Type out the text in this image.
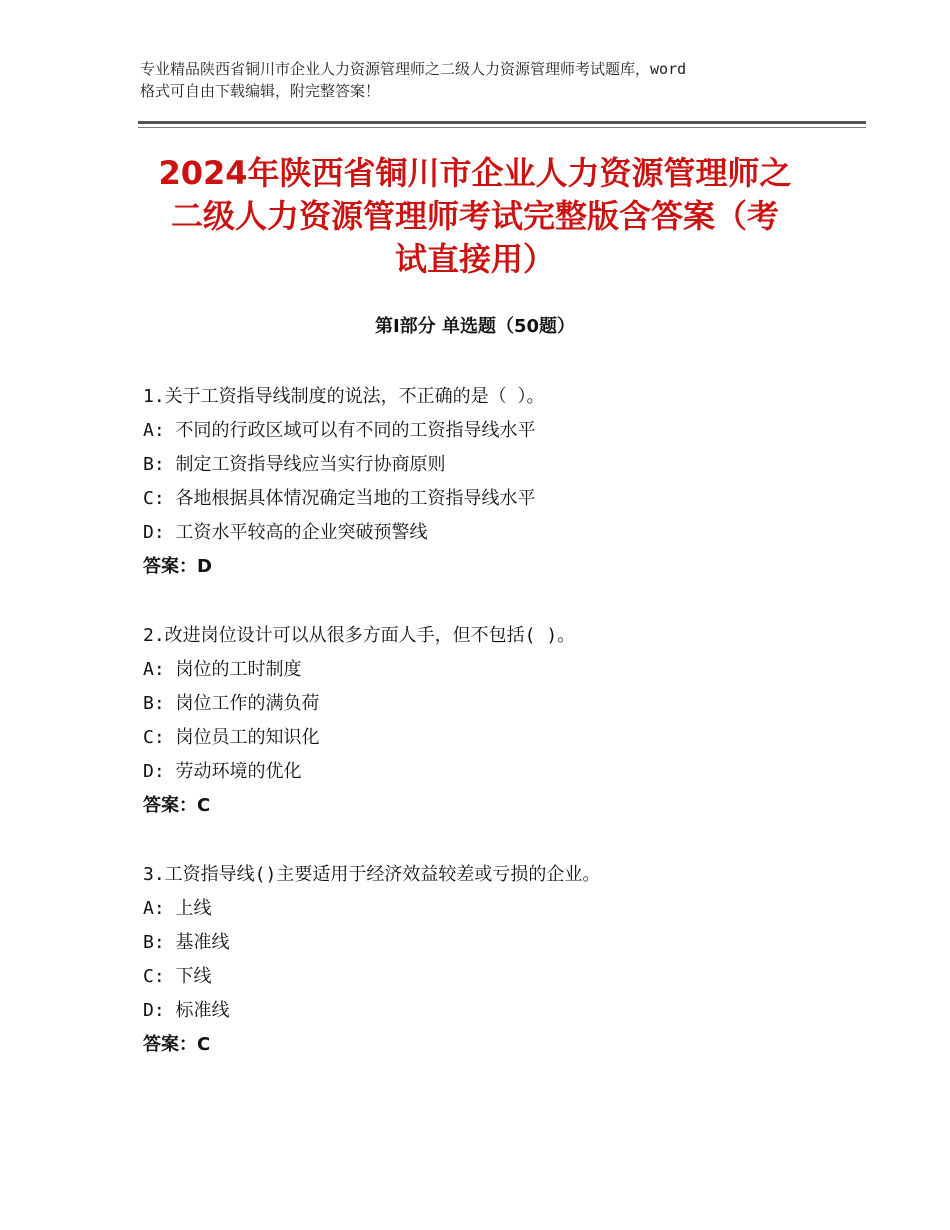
专业精品陕西省铜川市企业人力资源管理师之二级人力资源管理师考试题库，word
格式可自由下载编辑，附完整答案！
2024年陕西省铜川市企业人力资源管理师之
二级人力资源管理师考试完整版含答案（考
试直接用）
第Ⅰ部分 单选题（50题）
1.关于工资指导线制度的说法，不正确的是（ ）。
A: 不同的行政区域可以有不同的工资指导线水平
B: 制定工资指导线应当实行协商原则
C: 各地根据具体情况确定当地的工资指导线水平
D: 工资水平较高的企业突破预警线
答案：D
2.改进岗位设计可以从很多方面人手，但不包括( )。
A: 岗位的工时制度
B: 岗位工作的满负荷
C: 岗位员工的知识化
D: 劳动环境的优化
答案：C
3.工资指导线()主要适用于经济效益较差或亏损的企业。
A: 上线
B: 基准线
C: 下线
D: 标准线
答案：C
